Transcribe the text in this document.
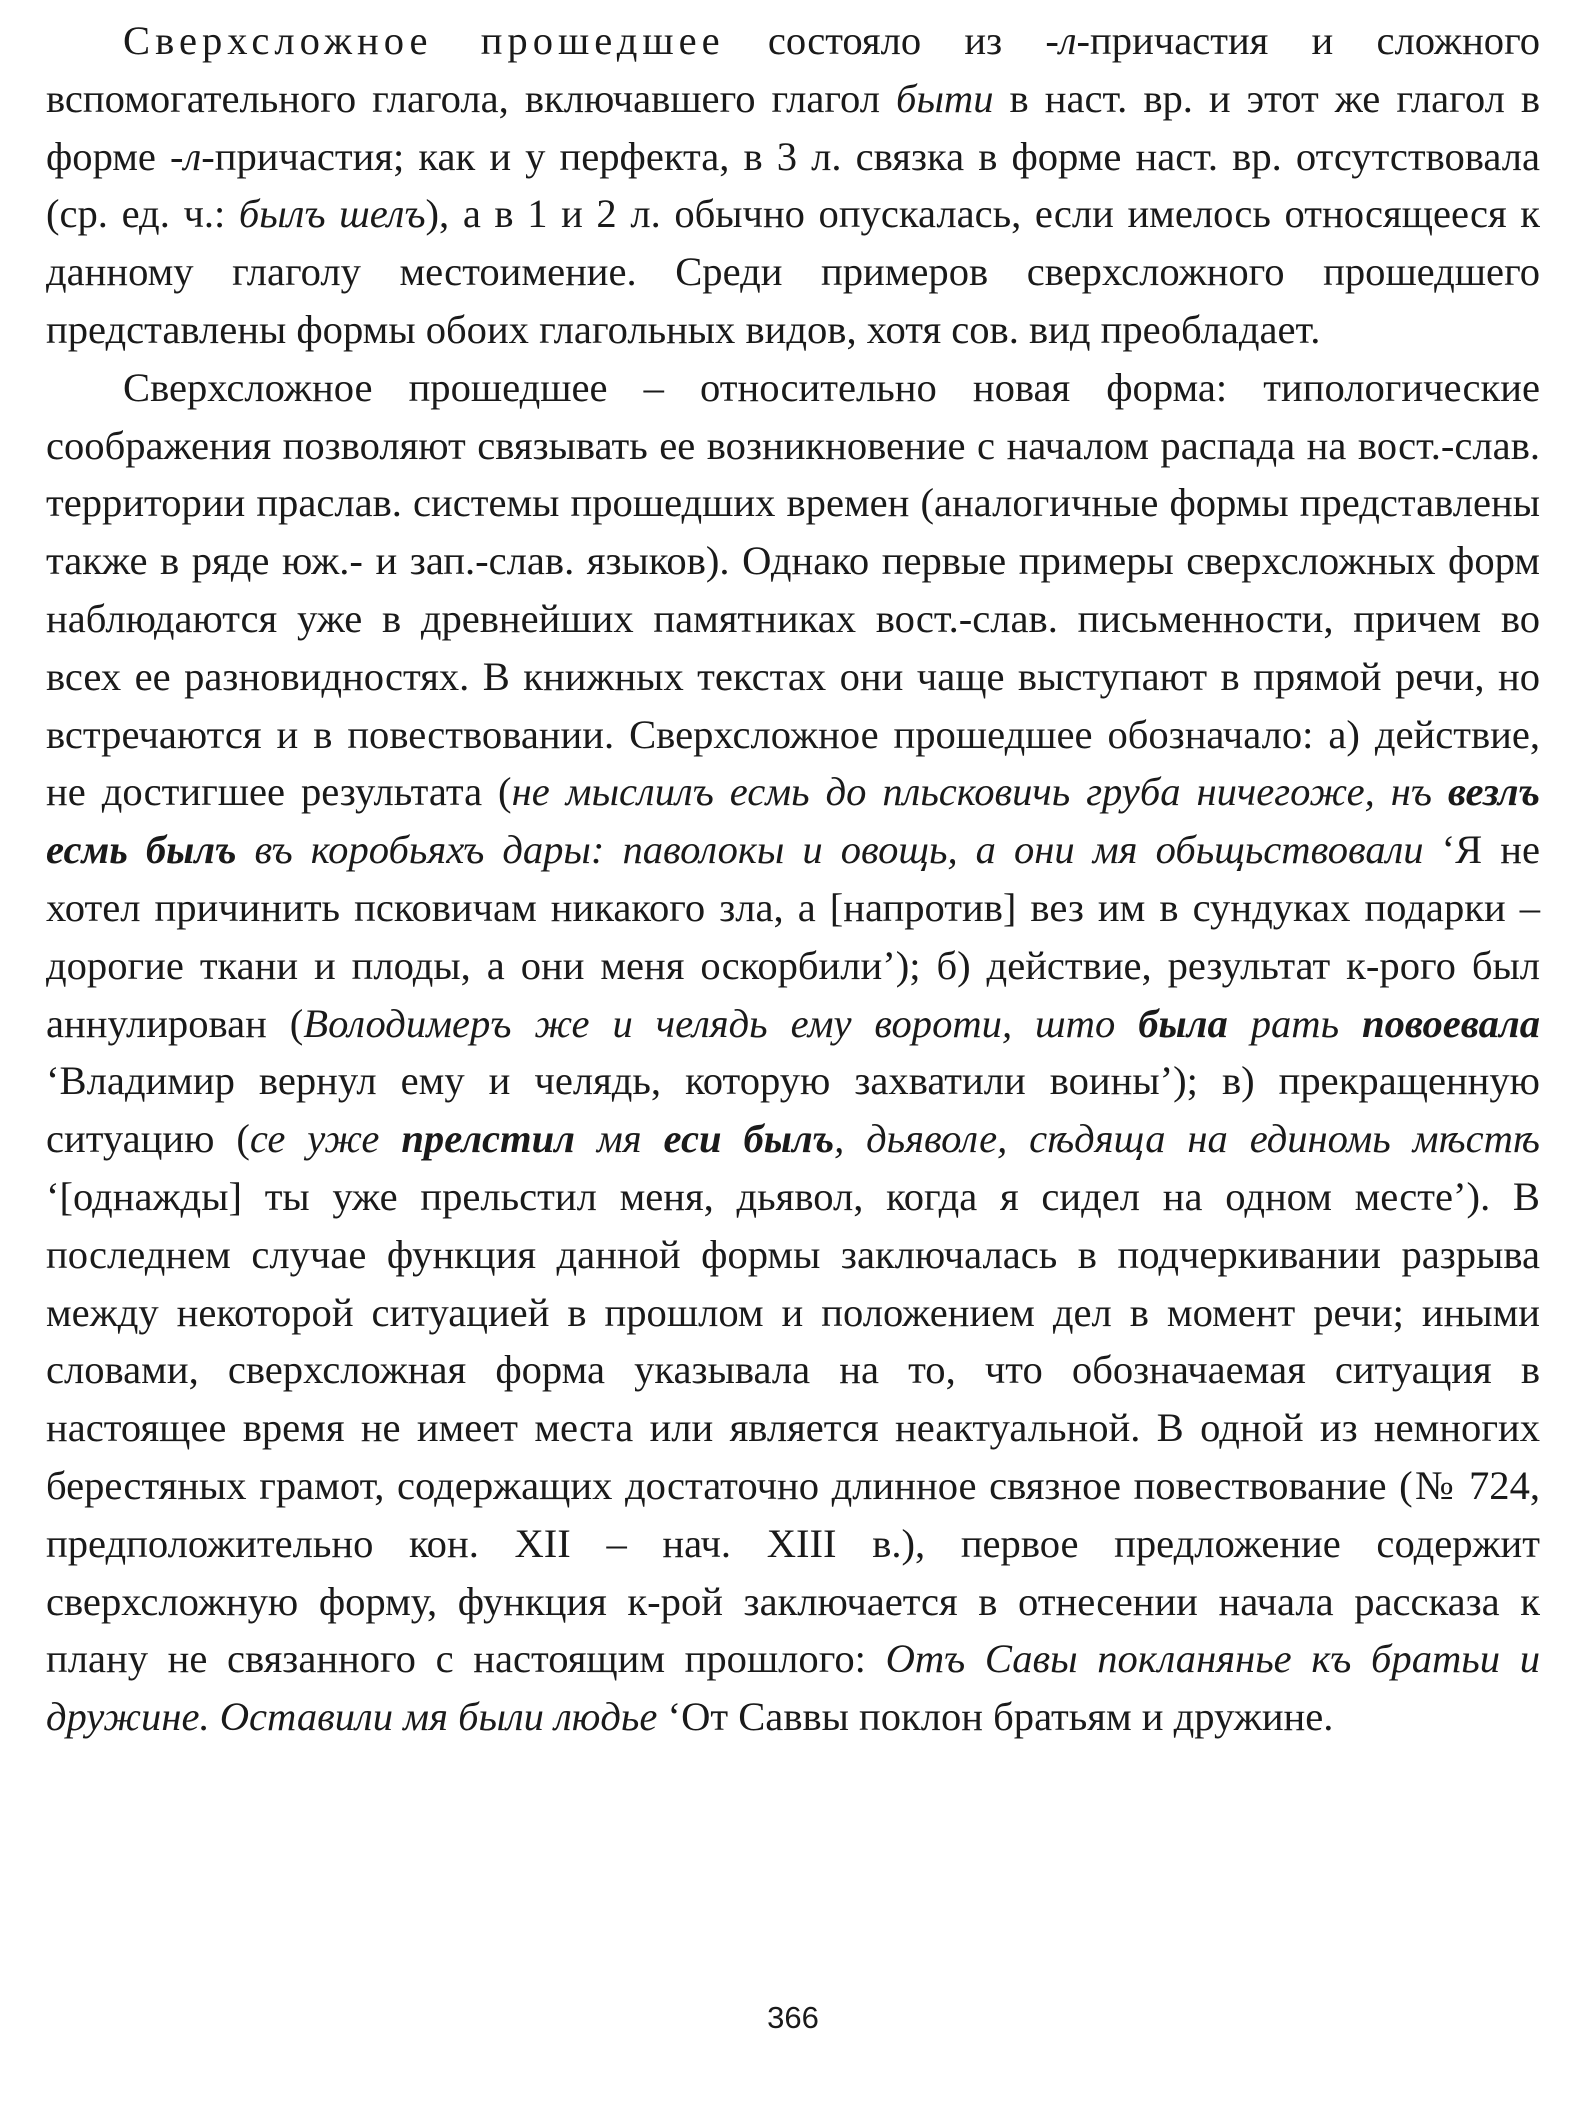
Сверхсложное прошедшее состояло из -л-причастия и сложного вспомогательного глагола, включавшего глагол быти в наст. вр. и этот же глагол в форме -л-причастия; как и у перфекта, в 3 л. связка в форме наст. вр. отсутствовала (ср. ед. ч.: былъ шелъ), а в 1 и 2 л. обычно опускалась, если имелось относящееся к данному глаголу местоимение. Среди примеров сверхсложного прошедшего представлены формы обоих глагольных видов, хотя сов. вид преобладает.

Сверхсложное прошедшее – относительно новая форма: типологические соображения позволяют связывать ее возникновение с началом распада на вост.-слав. территории праслав. системы прошедших времен (аналогичные формы представлены также в ряде юж.- и зап.-слав. языков). Однако первые примеры сверхсложных форм наблюдаются уже в древнейших памятниках вост.-слав. письменности, причем во всех ее разновидностях. В книжных текстах они чаще выступают в прямой речи, но встречаются и в повествовании. Сверхсложное прошедшее обозначало: а) действие, не достигшее результата (не мыслилъ есмь до пльсковичь груба ничегоже, нъ везлъ есмь былъ въ коробьяхъ дары: паволокы и овощь, а они мя обьщьствовали ‘Я не хотел причинить псковичам никакого зла, а [напротив] вез им в сундуках подарки – дорогие ткани и плоды, а они меня оскорбили’); б) действие, результат к-рого был аннулирован (Володимеръ же и челядь ему вороти, што была рать повоевала ‘Владимир вернул ему и челядь, которую захватили воины’); в) прекращенную ситуацию (се уже прелстил мя еси былъ, дьяволе, сѣдяща на единомь мѣстѣ ‘[однажды] ты уже прельстил меня, дьявол, когда я сидел на одном месте’). В последнем случае функция данной формы заключалась в подчеркивании разрыва между некоторой ситуацией в прошлом и положением дел в момент речи; иными словами, сверхсложная форма указывала на то, что обозначаемая ситуация в настоящее время не имеет места или является неактуальной. В одной из немногих берестяных грамот, содержащих достаточно длинное связное повествование (№ 724, предположительно кон. XII – нач. XIII в.), первое предложение содержит сверхсложную форму, функция к-рой заключается в отнесении начала рассказа к плану не связанного с настоящим прошлого: Отъ Савы покланянье къ братьи и дружине. Оставили мя были людье ‘От Саввы поклон братьям и дружине.

366
